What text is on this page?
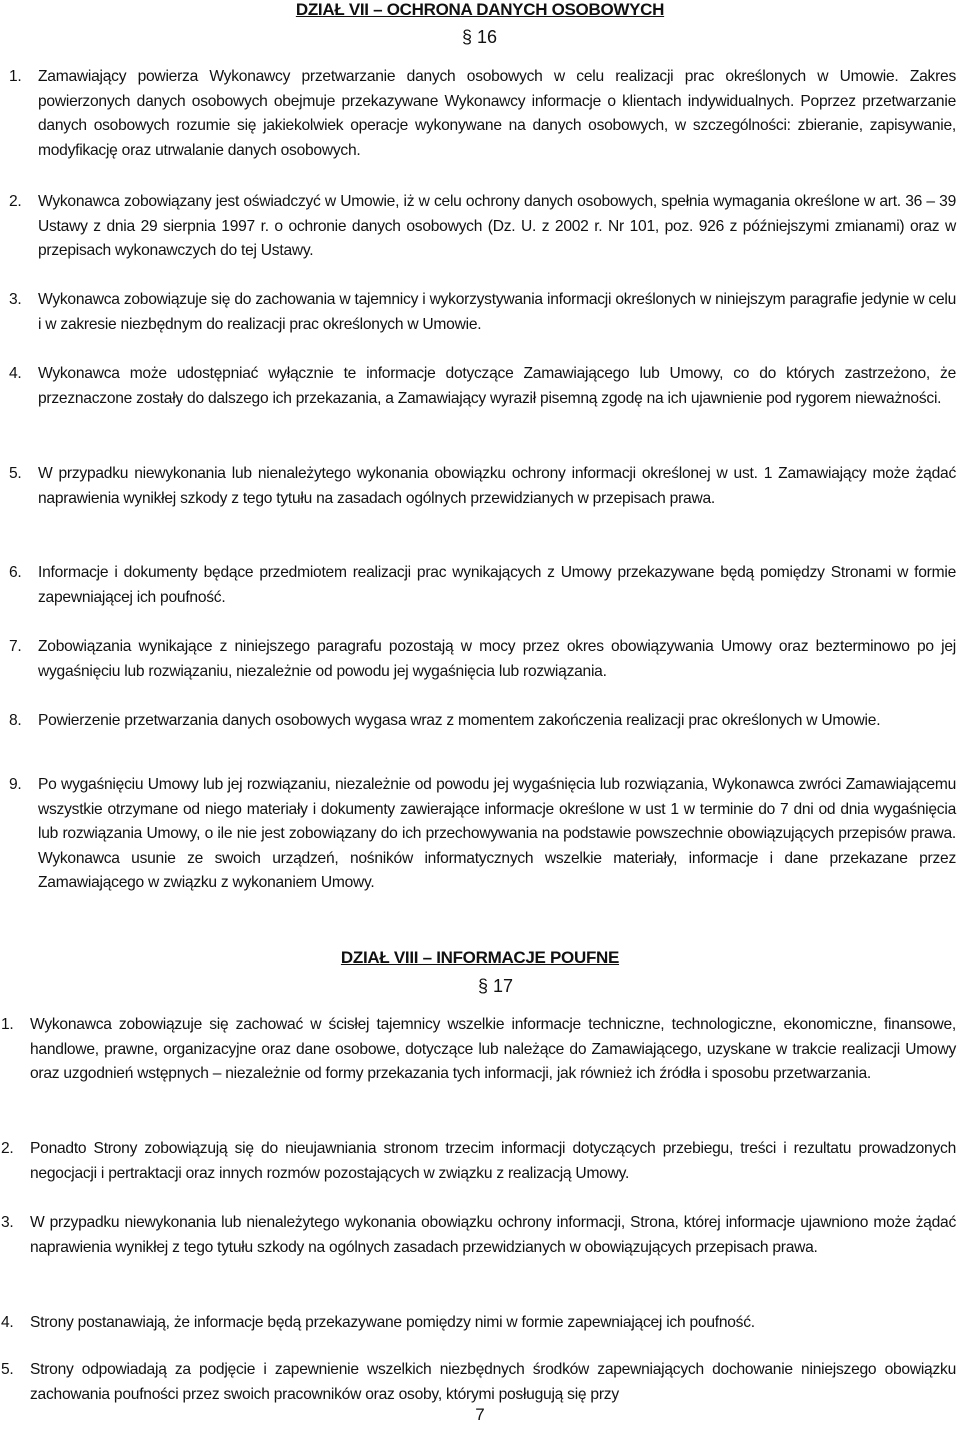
DZIAŁ VII – OCHRONA DANYCH OSOBOWYCH
§ 16
1. Zamawiający powierza Wykonawcy przetwarzanie danych osobowych w celu realizacji prac określonych w Umowie. Zakres powierzonych danych osobowych obejmuje przekazywane Wykonawcy informacje o klientach indywidualnych. Poprzez przetwarzanie danych osobowych rozumie się jakiekolwiek operacje wykonywane na danych osobowych, w szczególności: zbieranie, zapisywanie, modyfikację oraz utrwalanie danych osobowych.
2. Wykonawca zobowiązany jest oświadczyć w Umowie, iż w celu ochrony danych osobowych, spełnia wymagania określone w art. 36 – 39 Ustawy z dnia 29 sierpnia 1997 r. o ochronie danych osobowych (Dz. U. z 2002 r. Nr 101, poz. 926 z późniejszymi zmianami) oraz w przepisach wykonawczych do tej Ustawy.
3. Wykonawca zobowiązuje się do zachowania w tajemnicy i wykorzystywania informacji określonych w niniejszym paragrafie jedynie w celu i w zakresie niezbędnym do realizacji prac określonych w Umowie.
4. Wykonawca może udostępniać wyłącznie te informacje dotyczące Zamawiającego lub Umowy, co do których zastrzeżono, że przeznaczone zostały do dalszego ich przekazania, a Zamawiający wyraził pisemną zgodę na ich ujawnienie pod rygorem nieważności.
5. W przypadku niewykonania lub nienależytego wykonania obowiązku ochrony informacji określonej w ust. 1 Zamawiający może żądać naprawienia wynikłej szkody z tego tytułu na zasadach ogólnych przewidzianych w przepisach prawa.
6. Informacje i dokumenty będące przedmiotem realizacji prac wynikających z Umowy przekazywane będą pomiędzy Stronami w formie zapewniającej ich poufność.
7. Zobowiązania wynikające z niniejszego paragrafu pozostają w mocy przez okres obowiązywania Umowy oraz bezterminowo po jej wygaśnięciu lub rozwiązaniu, niezależnie od powodu jej wygaśnięcia lub rozwiązania.
8. Powierzenie przetwarzania danych osobowych wygasa wraz z momentem zakończenia realizacji prac określonych w Umowie.
9. Po wygaśnięciu Umowy lub jej rozwiązaniu, niezależnie od powodu jej wygaśnięcia lub rozwiązania, Wykonawca zwróci Zamawiającemu wszystkie otrzymane od niego materiały i dokumenty zawierające informacje określone w ust 1 w terminie do 7 dni od dnia wygaśnięcia lub rozwiązania Umowy, o ile nie jest zobowiązany do ich przechowywania na podstawie powszechnie obowiązujących przepisów prawa. Wykonawca usunie ze swoich urządzeń, nośników informatycznych wszelkie materiały, informacje i dane przekazane przez Zamawiającego w związku z wykonaniem Umowy.
DZIAŁ VIII – INFORMACJE POUFNE
§ 17
1. Wykonawca zobowiązuje się zachować w ścisłej tajemnicy wszelkie informacje techniczne, technologiczne, ekonomiczne, finansowe, handlowe, prawne, organizacyjne oraz dane osobowe, dotyczące lub należące do Zamawiającego, uzyskane w trakcie realizacji Umowy oraz uzgodnień wstępnych – niezależnie od formy przekazania tych informacji, jak również ich źródła i sposobu przetwarzania.
2. Ponadto Strony zobowiązują się do nieujawniania stronom trzecim informacji dotyczących przebiegu, treści i rezultatu prowadzonych negocjacji i pertraktacji oraz innych rozmów pozostających w związku z realizacją Umowy.
3. W przypadku niewykonania lub nienależytego wykonania obowiązku ochrony informacji, Strona, której informacje ujawniono może żądać naprawienia wynikłej z tego tytułu szkody na ogólnych zasadach przewidzianych w obowiązujących przepisach prawa.
4. Strony postanawiają, że informacje będą przekazywane pomiędzy nimi w formie zapewniającej ich poufność.
5. Strony odpowiadają za podjęcie i zapewnienie wszelkich niezbędnych środków zapewniających dochowanie niniejszego obowiązku zachowania poufności przez swoich pracowników oraz osoby, którymi posługują się przy
7
